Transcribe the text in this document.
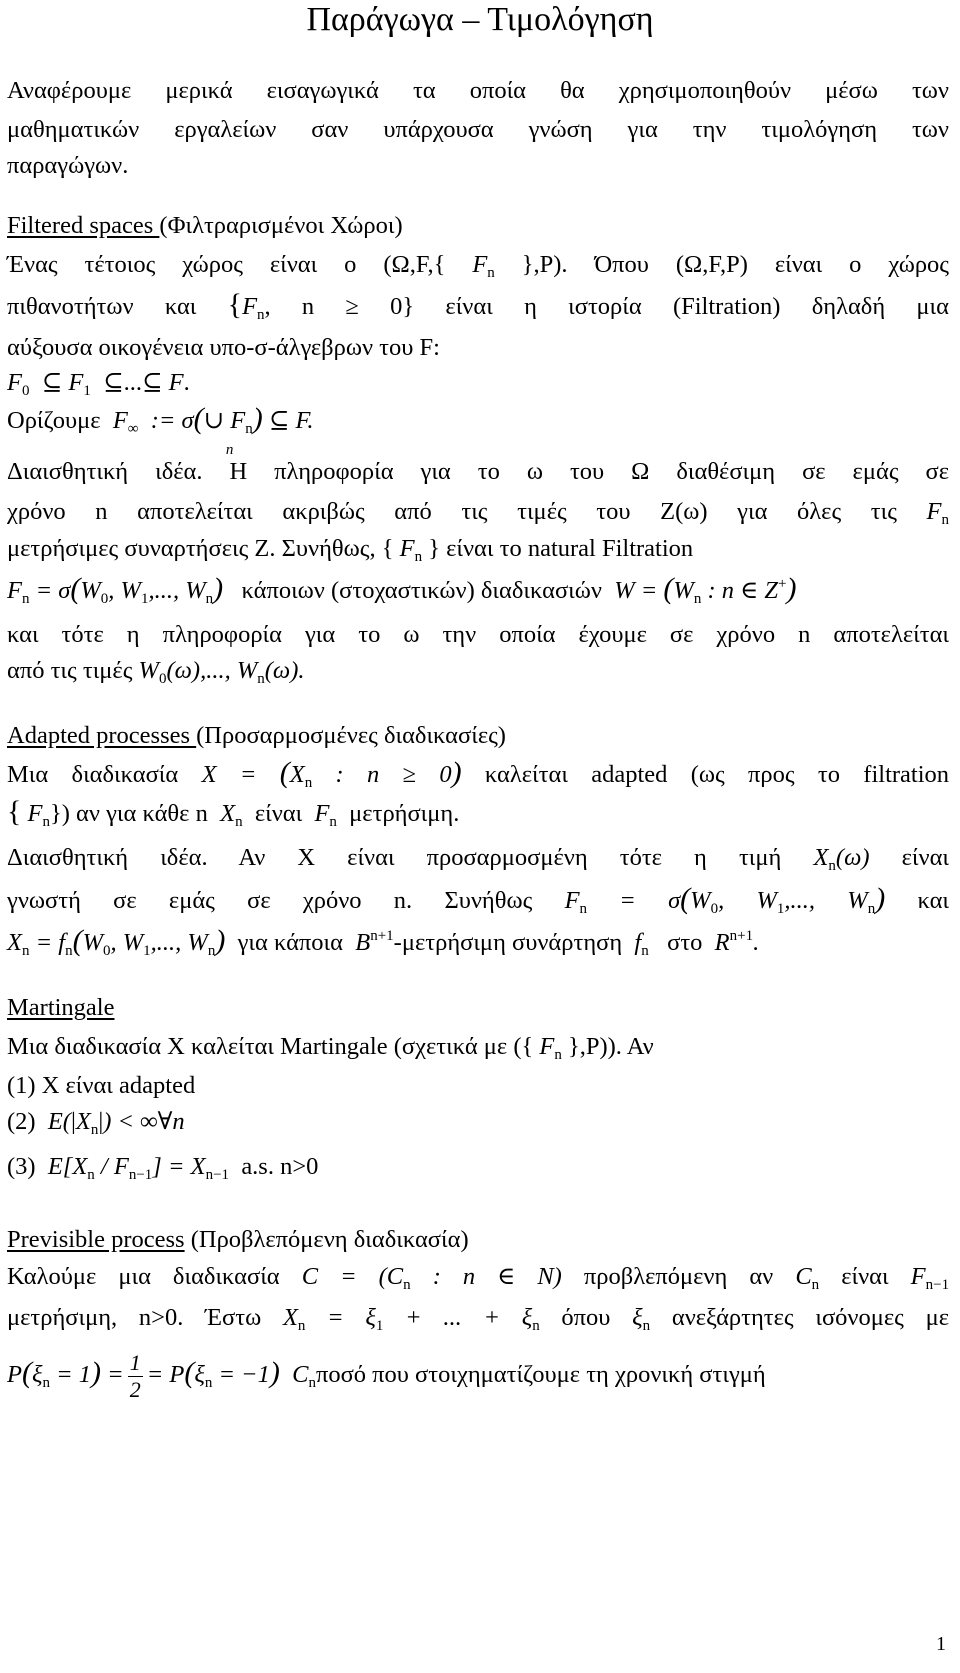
Παράγωγα – Τιμολόγηση
Αναφέρουμε μερικά εισαγωγικά τα οποία θα χρησιμοποιηθούν μέσω των
μαθηματικών εργαλείων σαν υπάρχουσα γνώση για την τιμολόγηση των
παραγώγων.
Filtered spaces (Φιλτραρισμένοι Χώροι)
Ένας τέτοιος χώρος είναι ο (Ω,F,{ $F_n$ },P). Όπου (Ω,F,P) είναι ο χώρος
πιθανοτήτων και {$F_n$, n ≥ 0} είναι η ιστορία (Filtration) δηλαδή μια
αύξουσα οικογένεια υπο-σ-άλγεβρων του F:
$F_0$  ⊆ $F_1$  ⊆...⊆ F.
Ορίζουμε $F_\infty$  := σ(∪
n
$F_n$) ⊆ F.
Διαισθητική ιδέα. Η πληροφορία για το ω του Ω διαθέσιμη σε εμάς σε
χρόνο n αποτελείται ακριβώς από τις τιμές του Z(ω) για όλες τις $F_n$
μετρήσιμες συναρτήσεις Z. Συνήθως, { $F_n$ } είναι το natural Filtration
$F_n = \sigma(W_0$, $W_1$,..., $W_n$) κάποιων (στοχαστικών) διαδικασιών $W = (W_n$ : n ∈ Z+)
και τότε η πληροφορία για το ω την οποία έχουμε σε χρόνο n αποτελείται
από τις τιμές $W_0(\omega)$,..., $W_n(\omega)$.
Adapted processes (Προσαρμοσμένες διαδικασίες)
Μια διαδικασία $X = (X_n$ : n ≥ 0) καλείται adapted (ως προς το filtration
{ $F_n$}) αν για κάθε n  $X_n$ είναι  $F_n$ μετρήσιμη.
Διαισθητική ιδέα. Αν X είναι προσαρμοσμένη τότε η τιμή $X_n(\omega)$ είναι
γνωστή σε εμάς σε χρόνο n. Συνήθως $F_n = \sigma(W_0$, $W_1$,..., $W_n$) και
$X_n = f_n(W_0$, $W_1$,..., $W_n$) για κάποια $B^{n+1}$-μετρήσιμη συνάρτηση $f_n$ στο $R^{n+1}$.
Martingale
Μια διαδικασία X καλείται Martingale (σχετικά με ({ $F_n$ },P)). Αν
(1) X είναι adapted
(2) $E(|X_n|)$ < ∞∀n
(3) $E[X_n / F_{n-1}] = X_{n-1}$ a.s. n>0
Previsible process (Προβλεπόμενη διαδικασία)
Καλούμε μια διαδικασία $C = (C_n$ : n ∈ N) προβλεπόμενη αν $C_n$ είναι $F_{n-1}$
μετρήσιμη, n>0. Έστω $X_n = \xi_1$ + ... + $\xi_n$ όπου $\xi_n$ ανεξάρτητες ισόνομες με
$P(\xi_n = 1) = \frac{1}{2} = P(\xi_n = -1)$ $C_n\pi o\sigma ό$ που στοιχηματίζουμε τη χρονική στιγμή
1
